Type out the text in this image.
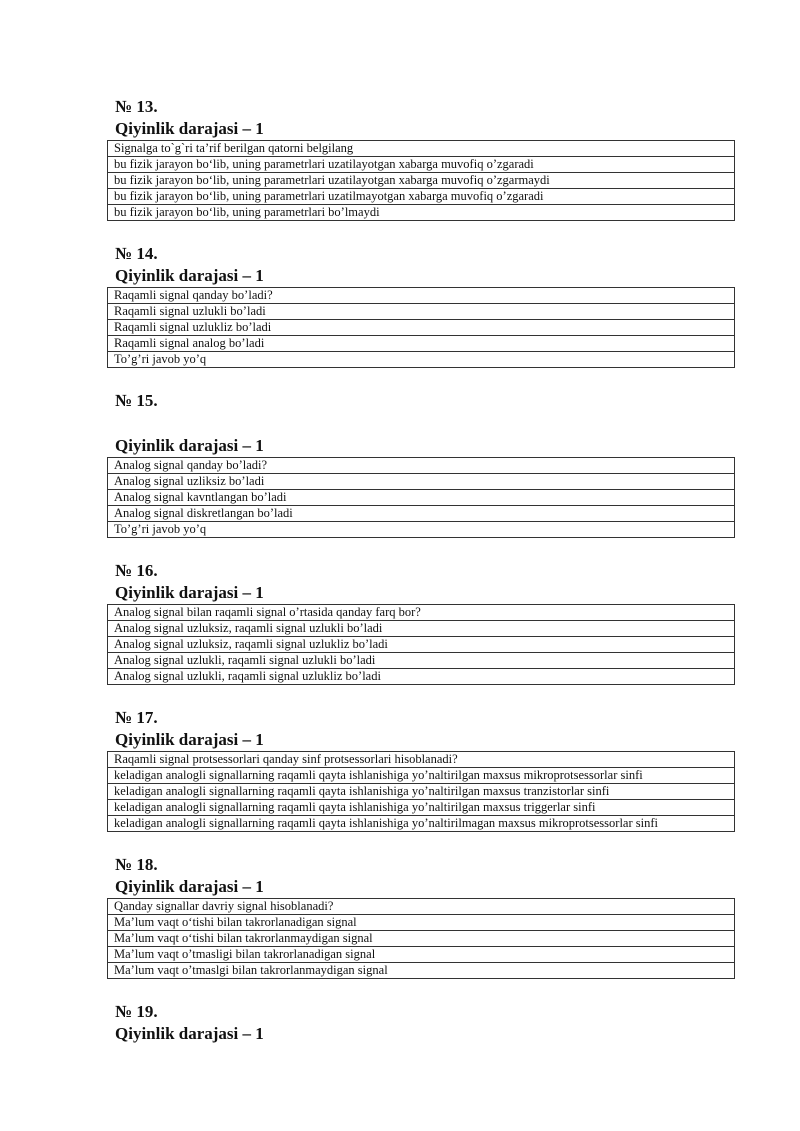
№ 13.
Qiyinlik darajasi – 1
Signalga to`g`ri ta’rif berilgan qatorni belgilang
bu fizik jarayon bo‘lib, uning parametrlari uzatilayotgan xabarga muvofiq o’zgaradi
bu fizik jarayon bo‘lib, uning parametrlari uzatilayotgan xabarga muvofiq o’zgarmaydi
bu fizik jarayon bo‘lib, uning parametrlari uzatilmayotgan xabarga muvofiq o’zgaradi
bu fizik jarayon bo‘lib, uning parametrlari bo’lmaydi
№ 14.
Qiyinlik darajasi – 1
Raqamli signal qanday bo’ladi?
Raqamli signal uzlukli bo’ladi
Raqamli signal uzlukliz bo’ladi
Raqamli signal analog bo’ladi
To’g’ri javob yo’q
№ 15.
Qiyinlik darajasi – 1
Analog signal qanday bo’ladi?
Analog signal uzliksiz bo’ladi
Analog signal kavntlangan bo’ladi
Analog signal diskretlangan bo’ladi
To’g’ri javob yo’q
№ 16.
Qiyinlik darajasi – 1
Analog signal bilan raqamli signal o’rtasida qanday farq bor?
Analog signal uzluksiz, raqamli signal uzlukli bo’ladi
Analog signal uzluksiz, raqamli signal uzlukliz bo’ladi
Analog signal uzlukli, raqamli signal uzlukli bo’ladi
Analog signal uzlukli, raqamli signal uzlukliz bo’ladi
№ 17.
Qiyinlik darajasi – 1
Raqamli signal protsessorlari qanday sinf protsessorlari hisoblanadi?
keladigan analogli signallarning raqamli qayta ishlanishiga yo’naltirilgan maxsus mikroprotsessorlar sinfi
keladigan analogli signallarning raqamli qayta ishlanishiga yo’naltirilgan maxsus tranzistorlar sinfi
keladigan analogli signallarning raqamli qayta ishlanishiga yo’naltirilgan maxsus triggerlar sinfi
keladigan analogli signallarning raqamli qayta ishlanishiga yo’naltirilmagan maxsus mikroprotsessorlar sinfi
№ 18.
Qiyinlik darajasi – 1
Qanday signallar davriy signal hisoblanadi?
Ma’lum vaqt o‘tishi bilan takrorlanadigan signal
Ma’lum vaqt o‘tishi bilan takrorlanmaydigan signal
Ma’lum vaqt o’tmasligi bilan takrorlanadigan signal
Ma’lum vaqt o’tmaslgi bilan takrorlanmaydigan signal
№ 19.
Qiyinlik darajasi – 1
